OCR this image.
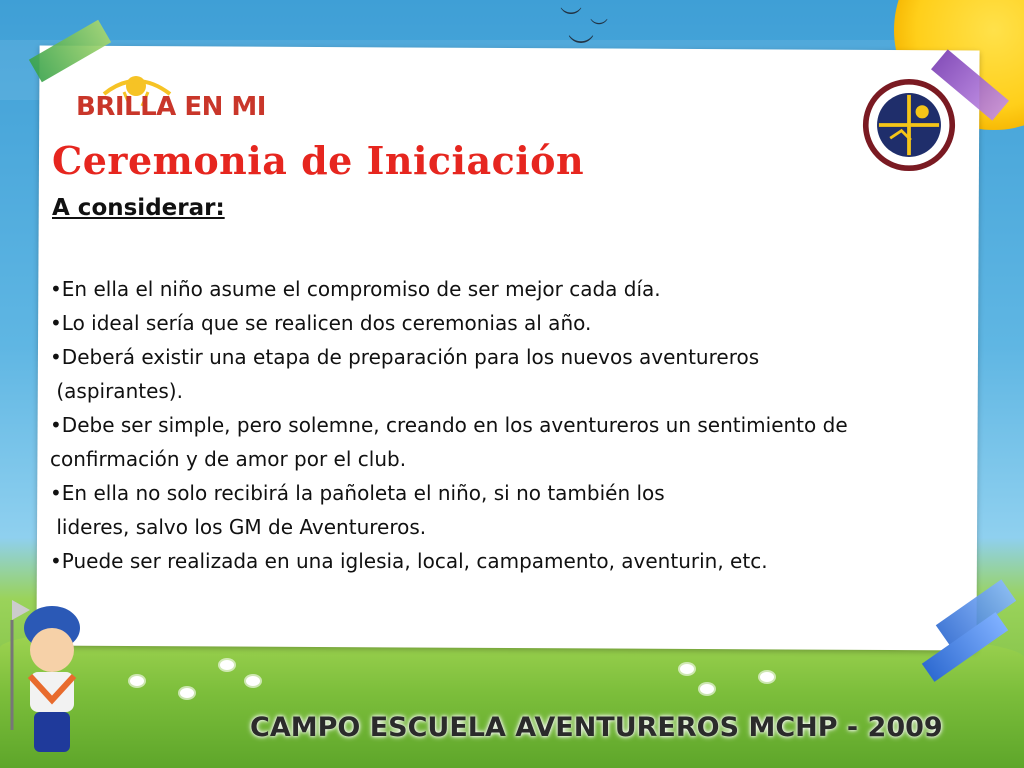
︶ ︶
BRILLA EN MI
Ceremonia de Iniciación
A considerar:
•En ella el niño asume el compromiso de ser mejor cada día.
•Lo ideal sería que se realicen dos ceremonias al año.
•Deberá existir una etapa de preparación para los nuevos aventureros
(aspirantes).
•Debe ser simple, pero solemne, creando en los aventureros un sentimiento de
confirmación y de amor por el club.
•En ella no solo recibirá la pañoleta el niño, si no también los
lideres, salvo los GM de Aventureros.
•Puede ser realizada en una iglesia, local, campamento, aventurin, etc.

CAMPO ESCUELA AVENTUREROS MCHP - 2009
